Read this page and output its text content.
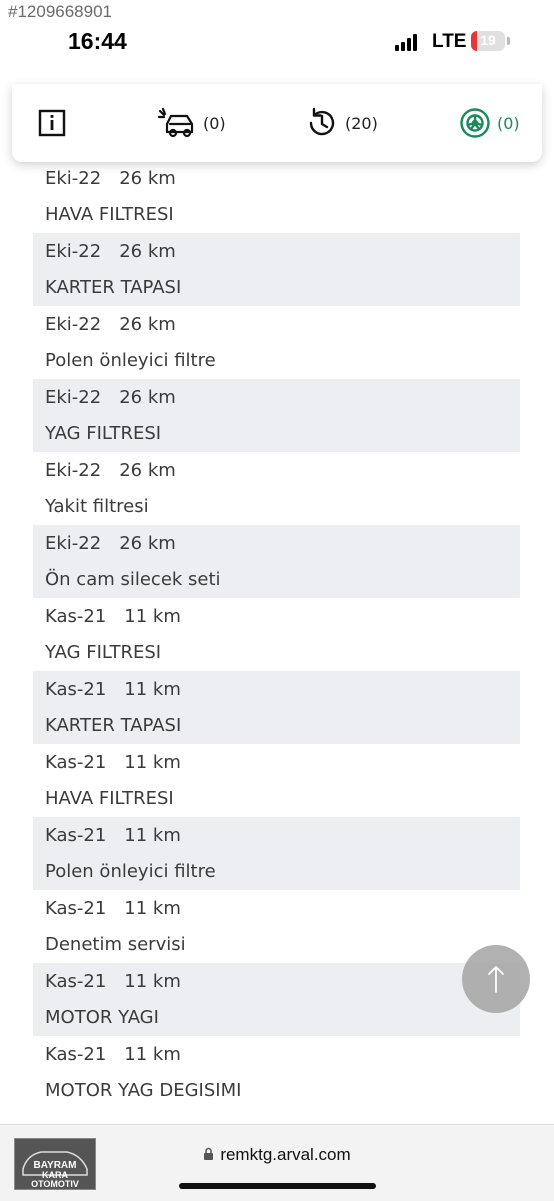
#1209668901
16:44	LTE 19
Eki-22 26 km
HAVA FILTRESI
Eki-22 26 km
KARTER TAPASI
Eki-22 26 km
Polen önleyici filtre
Eki-22 26 km
YAG FILTRESI
Eki-22 26 km
Yakit filtresi
Eki-22 26 km
Ön cam silecek seti
Kas-21 11 km
YAG FILTRESI
Kas-21 11 km
KARTER TAPASI
Kas-21 11 km
HAVA FILTRESI
Kas-21 11 km
Polen önleyici filtre
Kas-21 11 km
Denetim servisi
Kas-21 11 km
MOTOR YAGI
Kas-21 11 km
MOTOR YAG DEGISIMI
(0)	(20)	(0)
remktg.arval.com
BAYRAM
KARA
OTOMOTIV
